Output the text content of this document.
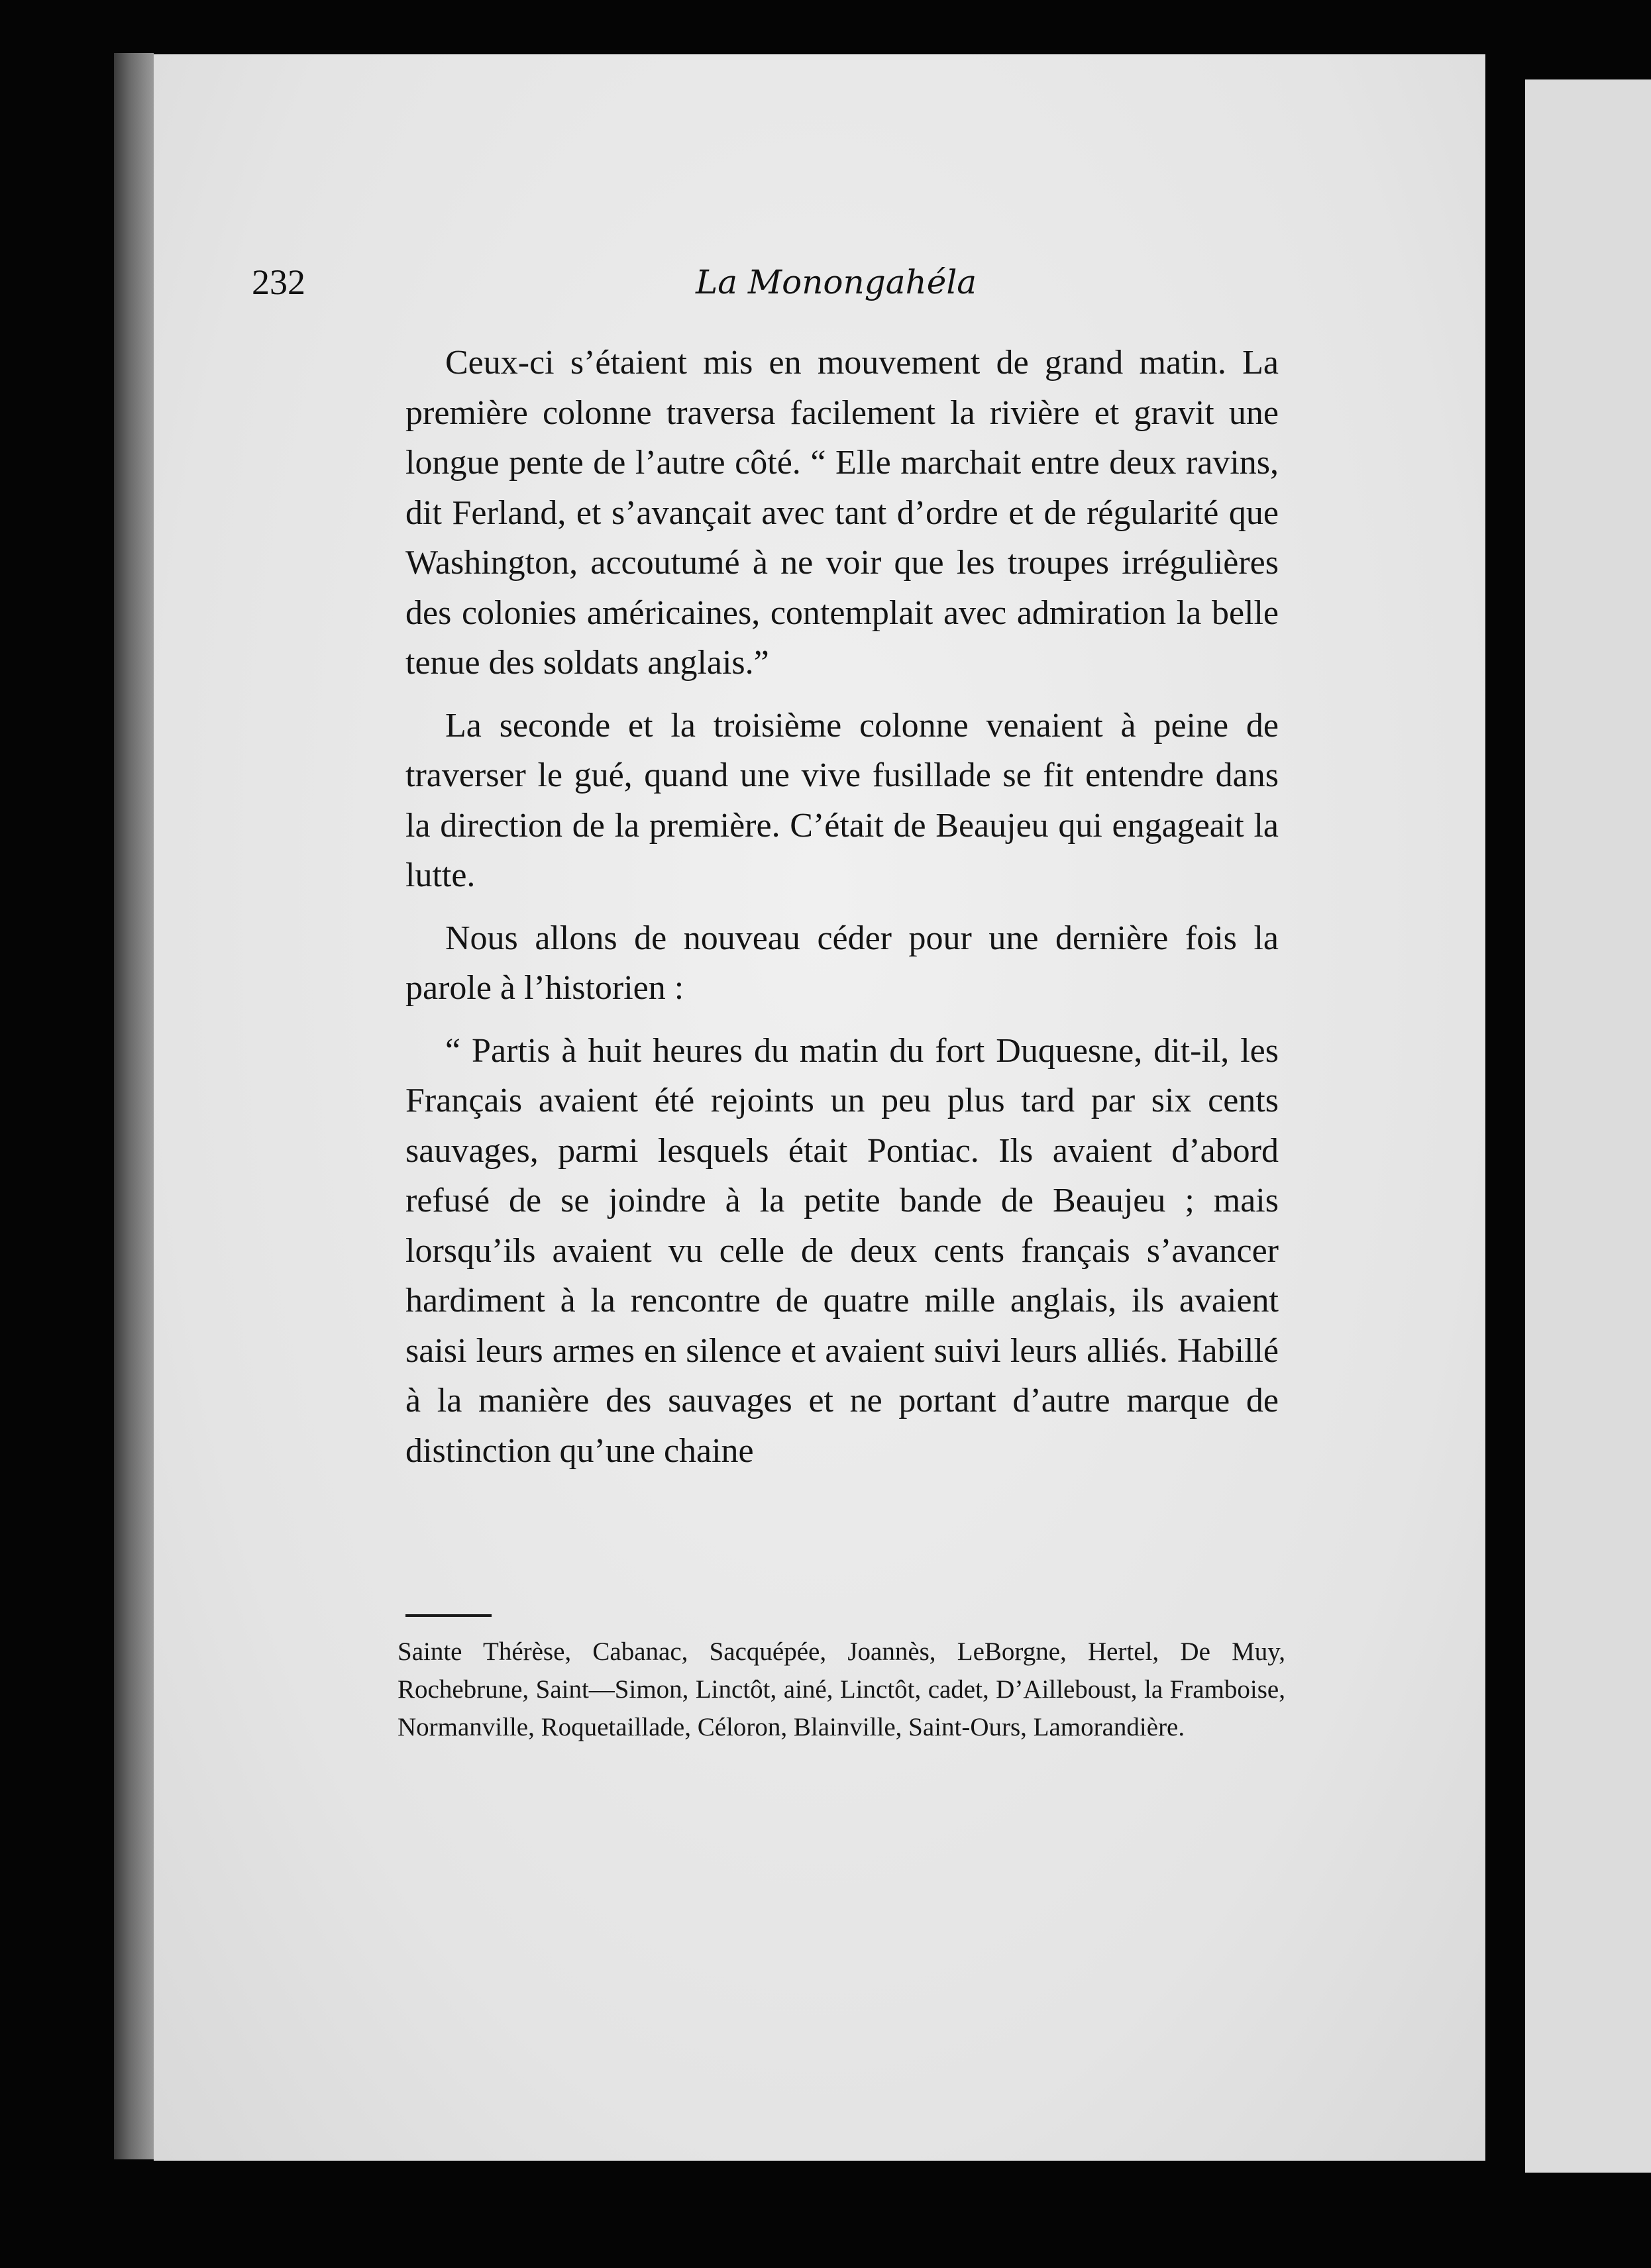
232	La Monongahéla

Ceux-ci s’étaient mis en mouvement de grand matin. La première colonne traversa facilement la rivière et gravit une longue pente de l’autre côté. “ Elle marchait entre deux ravins, dit Ferland, et s’avançait avec tant d’ordre et de régularité que Washington, accoutumé à ne voir que les troupes irrégulières des colonies américaines, contemplait avec admiration la belle tenue des soldats anglais.”

La seconde et la troisième colonne venaient à peine de traverser le gué, quand une vive fusillade se fit entendre dans la direction de la première. C’était de Beaujeu qui engageait la lutte.

Nous allons de nouveau céder pour une dernière fois la parole à l’historien :

“ Partis à huit heures du matin du fort Duquesne, dit-il, les Français avaient été rejoints un peu plus tard par six cents sauvages, parmi lesquels était Pontiac. Ils avaient d’abord refusé de se joindre à la petite bande de Beaujeu ; mais lorsqu’ils avaient vu celle de deux cents français s’avancer hardiment à la rencontre de quatre mille anglais, ils avaient saisi leurs armes en silence et avaient suivi leurs alliés. Habillé à la manière des sauvages et ne portant d’autre marque de distinction qu’une chaine

Sainte Thérèse, Cabanac, Sacquépée, Joannès, LeBorgne, Hertel, De Muy, Rochebrune, Saint—Simon, Linctôt, ainé, Linctôt, cadet, D’Ailleboust, la Framboise, Normanville, Roquetaillade, Céloron, Blainville, Saint-Ours, Lamorandière.
